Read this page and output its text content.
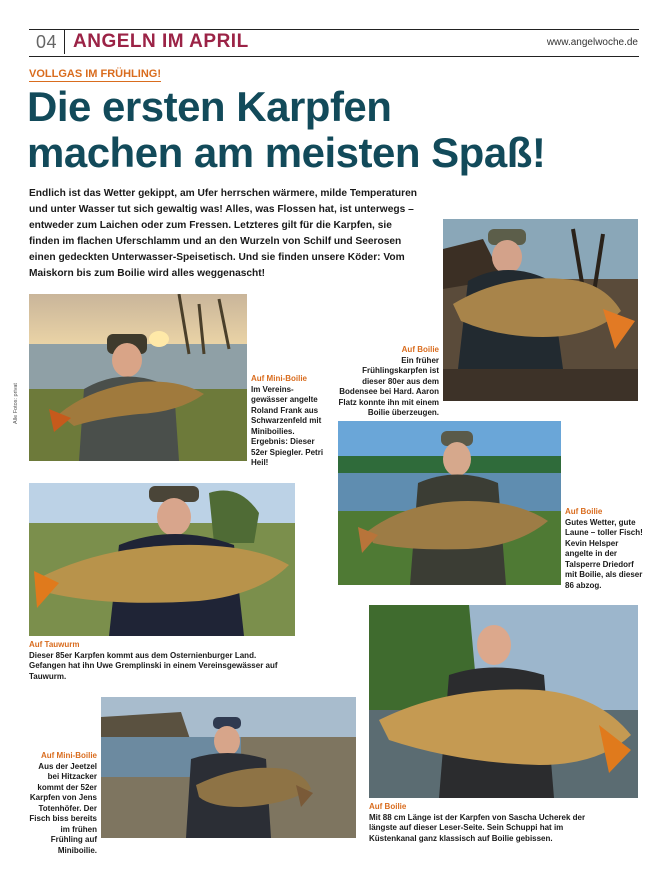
04 ANGELN IM APRIL	www.angelwoche.de
VOLLGAS IM FRÜHLING!
Die ersten Karpfen
machen am meisten Spaß!
Endlich ist das Wetter gekippt, am Ufer herrschen wärmere, milde Temperaturen und unter Wasser tut sich gewaltig was! Alles, was Flossen hat, ist unterwegs – entweder zum Laichen oder zum Fressen. Letzteres gilt für die Karpfen, sie finden im flachen Uferschlamm und an den Wurzeln von Schilf und Seerosen einen gedeckten Unterwasser-Speisetisch. Und sie finden unsere Köder: Vom Maiskorn bis zum Boilie wird alles weggenascht!
Alle Fotos: privat
Auf Mini-Boilie
Im Vereins-gewässer angelte Roland Frank aus Schwarzenfeld mit Miniboilies. Ergebnis: Dieser 52er Spiegler. Petri Heil!
Auf Boilie
Ein früher Frühlingskarpfen ist dieser 80er aus dem Bodensee bei Hard. Aaron Flatz konnte ihn mit einem Boilie überzeugen.
Auf Boilie
Gutes Wetter, gute Laune – toller Fisch! Kevin Helsper angelte in der Talsperre Driedorf mit Boilie, als dieser 86 abzog.
Auf Tauwurm
Dieser 85er Karpfen kommt aus dem Osternienburger Land. Gefangen hat ihn Uwe Gremplinski in einem Vereinsgewässer auf Tauwurm.
Auf Boilie
Mit 88 cm Länge ist der Karpfen von Sascha Ucherek der längste auf dieser Leser-Seite. Sein Schuppi hat im Küstenkanal ganz klassisch auf Boilie gebissen.
Auf Mini-Boilie
Aus der Jeetzel bei Hitzacker kommt der 52er Karpfen von Jens Totenhöfer. Der Fisch biss bereits im frühen Frühling auf Miniboilie.
